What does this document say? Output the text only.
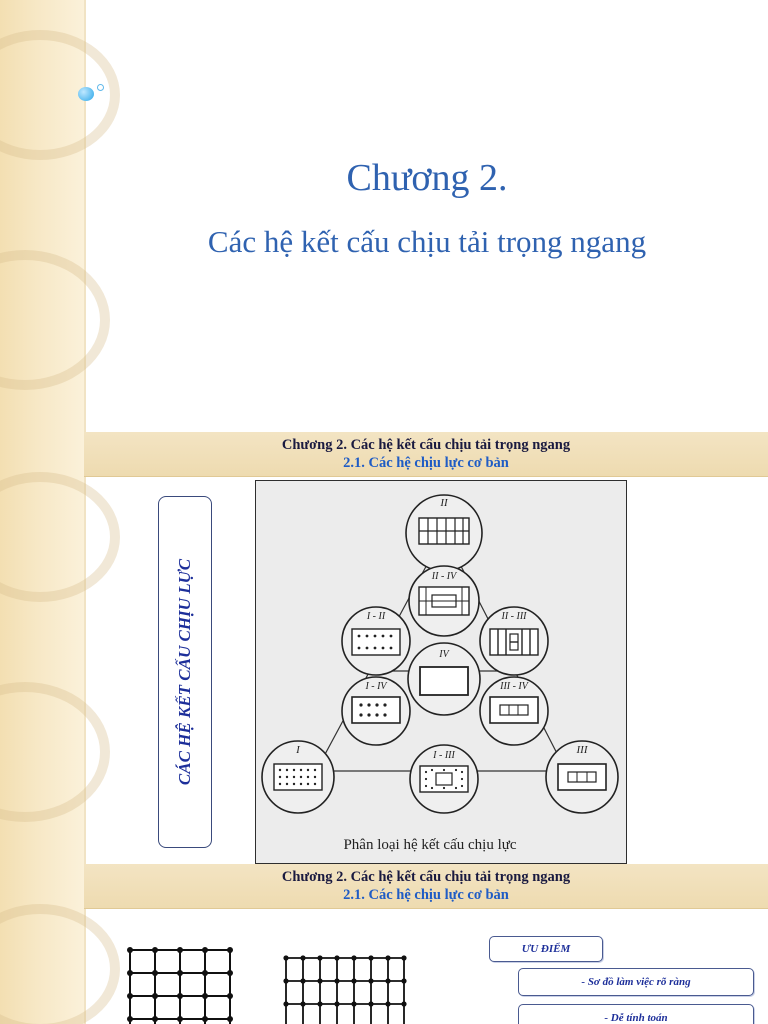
Chương 2.
Các hệ kết cấu chịu tải trọng ngang
Chương 2. Các hệ kết cấu chịu tải trọng ngang
2.1. Các hệ chịu lực cơ bản
CÁC HỆ KẾT CẤU CHỊU LỰC
II
II - IV
I - II	II - III
IV
I - IV	III - IV
I	I - III	III
Phân loại hệ kết cấu chịu lực
Chương 2. Các hệ kết cấu chịu tải trọng ngang
2.1. Các hệ chịu lực cơ bản
ƯU ĐIỂM
- Sơ đồ làm việc rõ ràng
- Dễ tính toán
